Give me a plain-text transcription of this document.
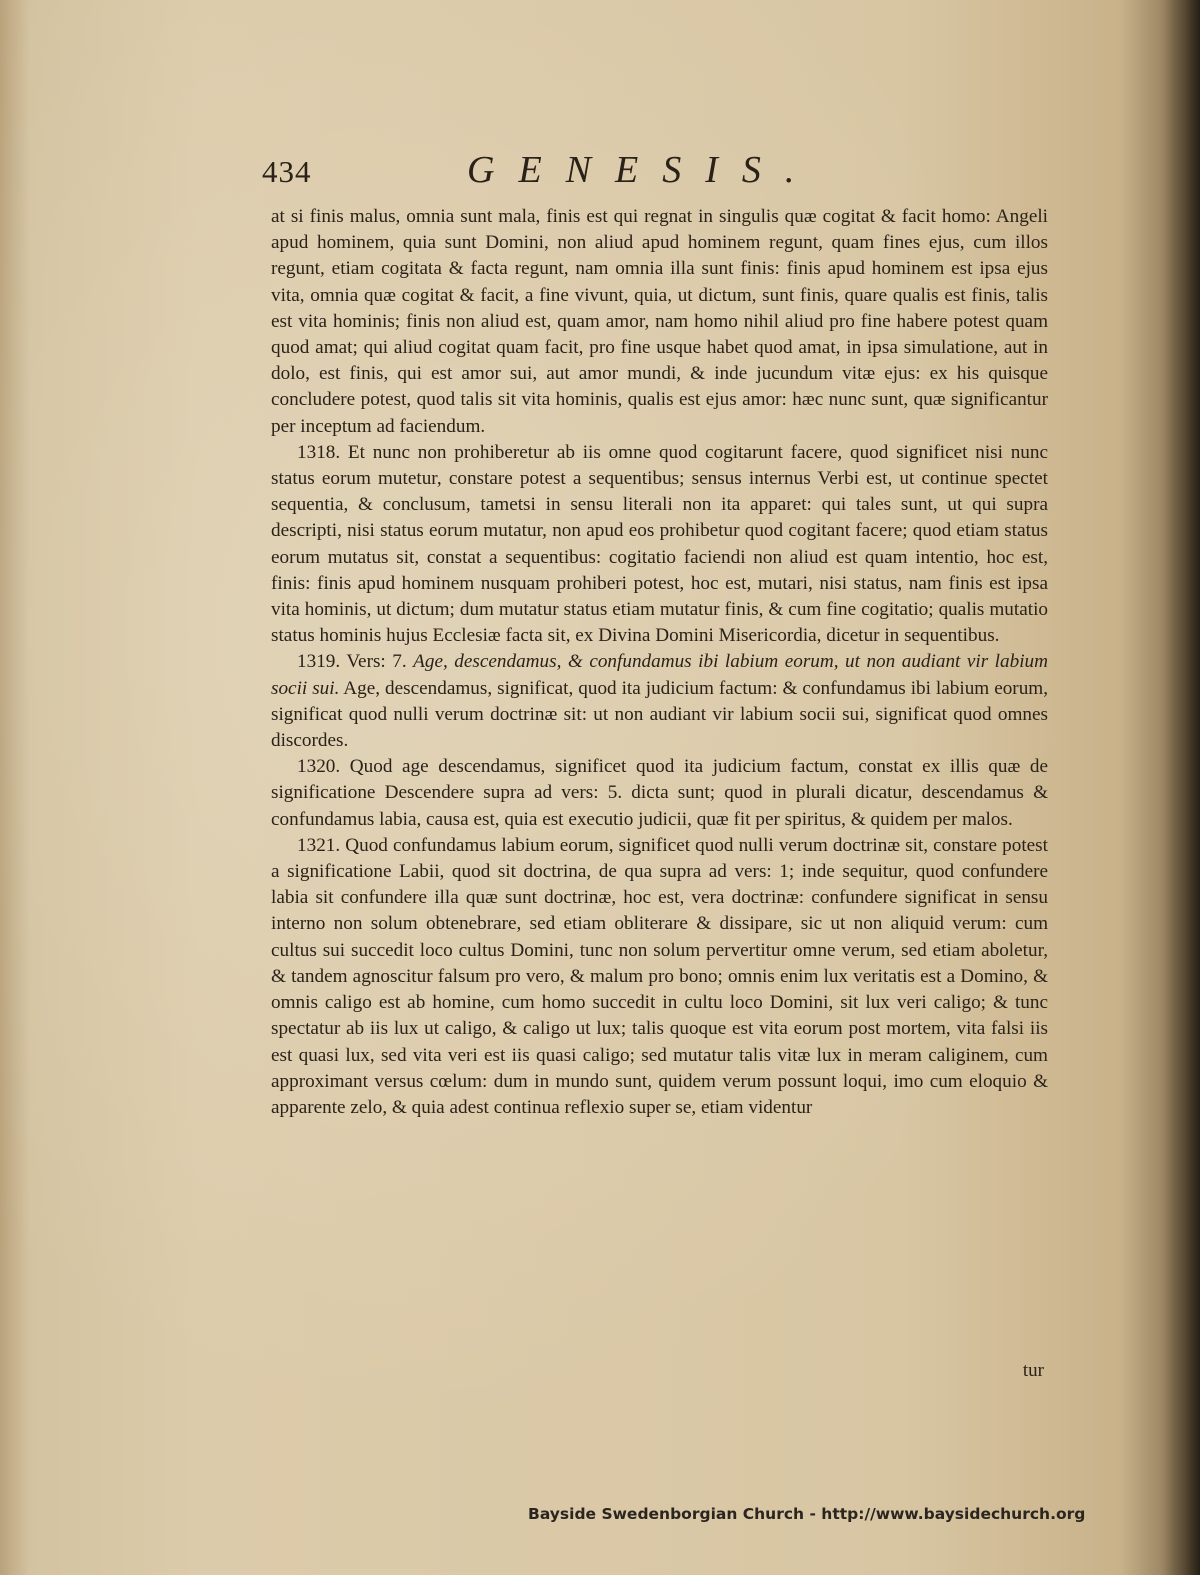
434	GENESIS.

at si finis malus, omnia sunt mala, finis est qui regnat in singulis quæ cogitat & facit homo: Angeli apud hominem, quia sunt Domini, non aliud apud hominem regunt, quam fines ejus, cum illos regunt, etiam cogitata & facta regunt, nam omnia illa sunt finis: finis apud hominem est ipsa ejus vita, omnia quæ cogitat & facit, a fine vivunt, quia, ut dictum, sunt finis, quare qualis est finis, talis est vita hominis; finis non aliud est, quam amor, nam homo nihil aliud pro fine habere potest quam quod amat; qui aliud cogitat quam facit, pro fine usque habet quod amat, in ipsa simulatione, aut in dolo, est finis, qui est amor sui, aut amor mundi, & inde jucundum vitæ ejus: ex his quisque concludere potest, quod talis sit vita hominis, qualis est ejus amor: hæc nunc sunt, quæ significantur per inceptum ad faciendum.

1318. Et nunc non prohiberetur ab iis omne quod cogitarunt facere, quod significet nisi nunc status eorum mutetur, constare potest a sequentibus; sensus internus Verbi est, ut continue spectet sequentia, & conclusum, tametsi in sensu literali non ita apparet: qui tales sunt, ut qui supra descripti, nisi status eorum mutatur, non apud eos prohibetur quod cogitant facere; quod etiam status eorum mutatus sit, constat a sequentibus: cogitatio faciendi non aliud est quam intentio, hoc est, finis: finis apud hominem nusquam prohiberi potest, hoc est, mutari, nisi status, nam finis est ipsa vita hominis, ut dictum; dum mutatur status etiam mutatur finis, & cum fine cogitatio; qualis mutatio status hominis hujus Ecclesiæ facta sit, ex Divina Domini Misericordia, dicetur in sequentibus.

1319. Vers: 7. Age, descendamus, & confundamus ibi labium eorum, ut non audiant vir labium socii sui. Age, descendamus, significat, quod ita judicium factum: & confundamus ibi labium eorum, significat quod nulli verum doctrinæ sit: ut non audiant vir labium socii sui, significat quod omnes discordes.

1320. Quod age descendamus, significet quod ita judicium factum, constat ex illis quæ de significatione Descendere supra ad vers: 5. dicta sunt; quod in plurali dicatur, descendamus & confundamus labia, causa est, quia est executio judicii, quæ fit per spiritus, & quidem per malos.

1321. Quod confundamus labium eorum, significet quod nulli verum doctrinæ sit, constare potest a significatione Labii, quod sit doctrina, de qua supra ad vers: 1; inde sequitur, quod confundere labia sit confundere illa quæ sunt doctrinæ, hoc est, vera doctrinæ: confundere significat in sensu interno non solum obtenebrare, sed etiam obliterare & dissipare, sic ut non aliquid verum: cum cultus sui succedit loco cultus Domini, tunc non solum pervertitur omne verum, sed etiam aboletur, & tandem agnoscitur falsum pro vero, & malum pro bono; omnis enim lux veritatis est a Domino, & omnis caligo est ab homine, cum homo succedit in cultu loco Domini, sit lux veri caligo; & tunc spectatur ab iis lux ut caligo, & caligo ut lux; talis quoque est vita eorum post mortem, vita falsi iis est quasi lux, sed vita veri est iis quasi caligo; sed mutatur talis vitæ lux in meram caliginem, cum approximant versus cœlum: dum in mundo sunt, quidem verum possunt loqui, imo cum eloquio & apparente zelo, & quia adest continua reflexio super se, etiam videntur

tur
Bayside Swedenborgian Church - http://www.baysidechurch.org
